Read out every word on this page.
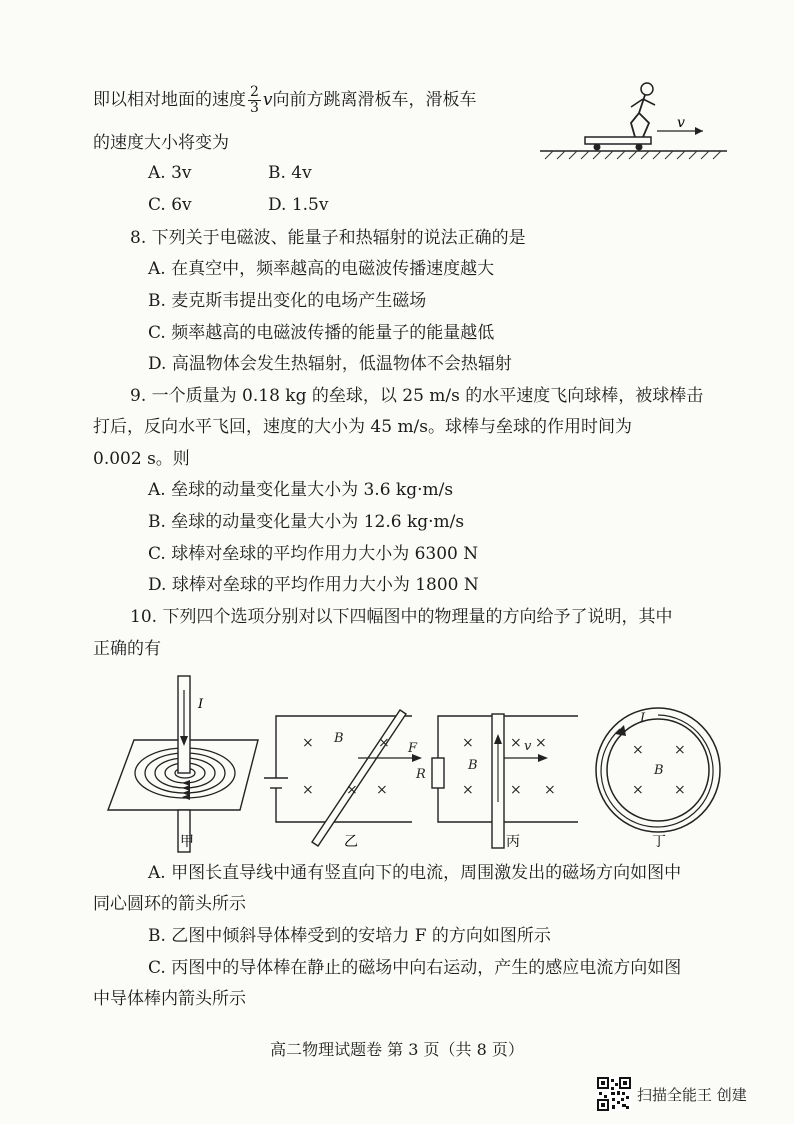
即以相对地面的速度 $\frac{2}{3}$ v向前方跳离滑板车，滑板车
的速度大小将变为
A. 3v	B. 4v
C. 6v	D. 1.5v
v
8. 下列关于电磁波、能量子和热辐射的说法正确的是
A. 在真空中，频率越高的电磁波传播速度越大
B. 麦克斯韦提出变化的电场产生磁场
C. 频率越高的电磁波传播的能量子的能量越低
D. 高温物体会发生热辐射，低温物体不会热辐射
9. 一个质量为 0.18 kg 的垒球，以 25 m/s 的水平速度飞向球棒，被球棒击
打后，反向水平飞回，速度的大小为 45 m/s。球棒与垒球的作用时间为
0.002 s。则
A. 垒球的动量变化量大小为 3.6 kg·m/s
B. 垒球的动量变化量大小为 12.6 kg·m/s
C. 球棒对垒球的平均作用力大小为 6300 N
D. 球棒对垒球的平均作用力大小为 1800 N
10. 下列四个选项分别对以下四幅图中的物理量的方向给予了说明，其中
正确的有
I
甲
×	×
× × ×
B
F
乙
×	×
×	× ×
×
B
R
v
丙
× ×
× ×
B
I
丁
A. 甲图长直导线中通有竖直向下的电流，周围激发出的磁场方向如图中
同心圆环的箭头所示
B. 乙图中倾斜导体棒受到的安培力 F 的方向如图所示
C. 丙图中的导体棒在静止的磁场中向右运动，产生的感应电流方向如图
中导体棒内箭头所示
高二物理试题卷 第 3 页（共 8 页）
扫描全能王 创建
